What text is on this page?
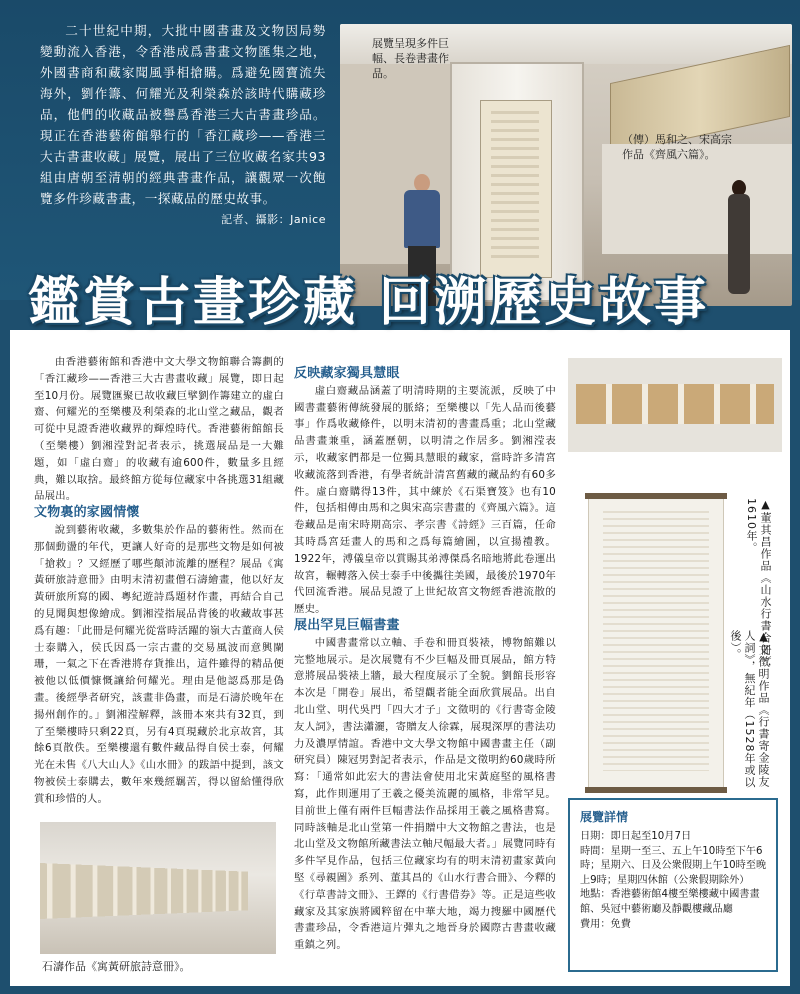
二十世紀中期，大批中國書畫及文物因局勢變動流入香港，令香港成爲書畫文物匯集之地，外國書商和藏家聞風爭相搶購。爲避免國寶流失海外，劉作籌、何耀光及利榮森於該時代購藏珍品，他們的收藏品被譽爲香港三大古書畫珍品。現正在香港藝術館舉行的「香江藏珍——香港三大古書畫收藏」展覽，展出了三位收藏名家共93組由唐朝至清朝的經典書畫作品，讓觀眾一次飽覽多件珍藏書畫，一探藏品的歷史故事。

記者、攝影：Janice
展覽呈現多件巨幅、長卷書畫作品。
（傳）馬和之、宋高宗作品《齊風六篇》。

由香港藝術館和香港中文大學文物館聯合籌劃的「香江藏珍——香港三大古書畫收藏」展覽，即日起至10月份。展覽匯聚已故收藏巨擘劉作籌建立的虛白齋、何耀光的至樂樓及利榮森的北山堂之藏品，觀者可從中見證香港收藏界的輝煌時代。香港藝術館館長（至樂樓）劉湘滢對記者表示，挑選展品是一大難題，如「虛白齋」的收藏有逾600件，數量多且經典，難以取捨。最終館方從每位藏家中各挑選31組藏品展出。

文物裏的家國情懷

說到藝術收藏，多數集於作品的藝術性。然而在那個動盪的年代，更讓人好奇的是那些文物是如何被「搶救」？又經歷了哪些顛沛流離的歷程？展品《寓黃研旅詩意冊》由明末清初畫僧石濤繪畫，他以好友黃研旅所寫的國、粵紀遊詩爲題材作畫，再結合自己的見聞與想像繪成。劉湘滢指展品背後的收藏故事甚爲有趣：「此冊是何耀光從當時活躍的嶺大古董商人侯士泰購入，侯氏因爲一宗古畫的交易風波而意興闌珊，一氣之下在香港將存貨推出，這件雖得的精品便被他以低價慷慨讓給何耀光。理由是他認爲那是偽畫。後經學者研究，該畫非偽畫，而是石濤於晚年在揚州創作的。」劉湘滢解釋，該冊本來共有32頁，到了至樂樓時只剩22頁，另有4頁現藏於北京故宮，其餘6頁散佚。至樂樓還有數件藏品得自侯士泰，何耀光在未售《八大山人》《山水冊》的跋語中提到，該文物被侯士泰購去，數年來幾經羈苦，得以留給懂得欣賞和珍惜的人。

反映藏家獨具慧眼

虛白齋藏品涵蓋了明清時期的主要流派，反映了中國書畫藝術傳統發展的脈絡；至樂樓以「先人品而後藝事」作爲收藏條件，以明末清初的書畫爲重；北山堂藏品書畫兼重，涵蓋歷朝，以明清之作居多。劉湘滢表示，收藏家們都是一位獨具慧眼的藏家，當時許多清宮收藏流落到香港，有學者統計清宮舊藏的藏品約有60多件。虛白齋購得13件，其中練於《石渠寶笈》也有10件，包括相傳由馬和之與宋高宗書畫的《齊風六篇》。這卷藏品是南宋時期高宗、孝宗書《詩經》三百篇，任命其時爲宮廷畫人的馬和之爲每篇繪圖，以宣揚禮教。1922年，溥儀皇帝以賞賜其弟溥傑爲名暗地將此卷運出故宮，輾轉落入侯士泰手中後攜往美國，最後於1970年代回流香港。展品見證了上世紀故宮文物經香港流散的歷史。

展出罕見巨幅書畫

中國書畫常以立軸、手卷和冊頁裝裱，博物館難以完整地展示。是次展覽有不少巨幅及冊頁展品，館方特意將展品裝裱上牆，最大程度展示了全貌。劉館長形容本次是「開卷」展出，希望觀者能全面欣賞展品。出自北山堂、明代吳門「四大才子」文徵明的《行書寄金陵友人詞》，書法瀟灑，寄贈友人徐霖，展現深厚的書法功力及濃厚情誼。香港中文大學文物館中國書畫主任（副研究員）陳冠男對記者表示，作品是文徵明約60歲時所寫：「通常如此宏大的書法會使用北宋黃庭堅的風格書寫，此作則運用了王羲之優美流麗的風格，非常罕見。目前世上僅有兩件巨幅書法作品採用王羲之風格書寫。同時該軸是北山堂第一件捐贈中大文物館之書法，也是北山堂及文物館所藏書法立軸尺幅最大者。」展覽同時有多件罕見作品，包括三位藏家均有的明末清初畫家黃向堅《尋親圖》系列、董其昌的《山水行書合冊》、今釋的《行草書詩文冊》、王鐸的《行書借券》等。正是這些收藏家及其家族將國粹留在中華大地，竭力搜羅中國歷代書畫珍品，令香港這片彈丸之地晉身於國際古書畫收藏重鎮之列。

石濤作品《寓黃研旅詩意冊》。
▲董其昌作品《山水行書合冊》，1610年。
▲文徵明作品《行書寄金陵友人詞》，無紀年（1528年或以後）。
展覽詳情
日期：即日起至10月7日
時間：星期一至三、五上午10時至下午6時；星期六、日及公衆假期上午10時至晚上9時；星期四休館（公衆假期除外）
地點：香港藝術館4樓至樂樓藏中國書畫館、吳冠中藝術廳及靜觀樓藏品廳
費用：免費
鑑賞古畫珍藏 回溯歷史故事
